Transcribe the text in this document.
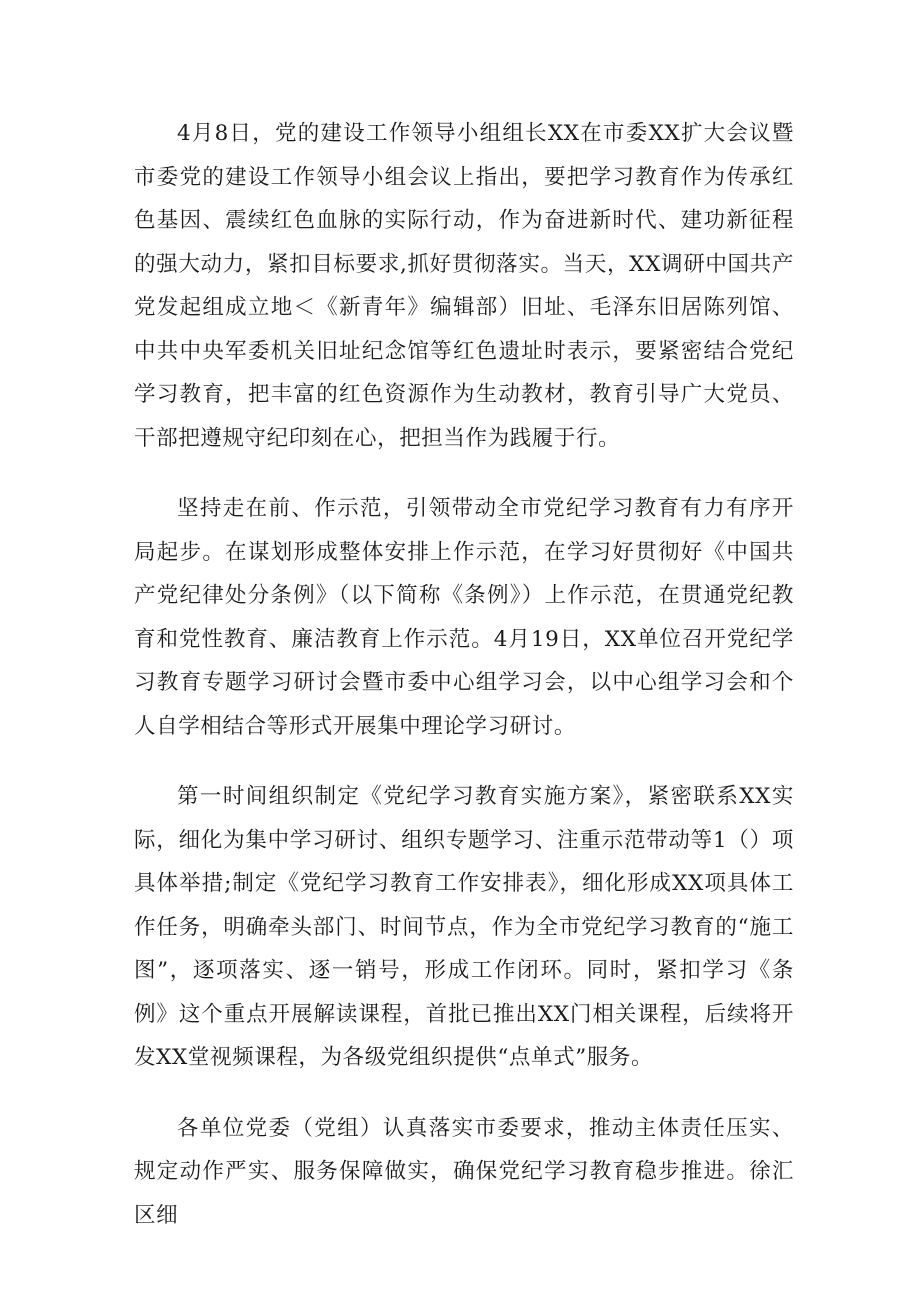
4月8日，党的建设工作领导小组组长XX在市委XX扩大会议暨市委党的建设工作领导小组会议上指出，要把学习教育作为传承红色基因、震续红色血脉的实际行动，作为奋进新时代、建功新征程的强大动力，紧扣目标要求,抓好贯彻落实。当天，XX调研中国共产党发起组成立地＜《新青年》编辑部）旧址、毛泽东旧居陈列馆、中共中央军委机关旧址纪念馆等红色遗址时表示，要紧密结合党纪学习教育，把丰富的红色资源作为生动教材，教育引导广大党员、干部把遵规守纪印刻在心，把担当作为践履于行。

坚持走在前、作示范，引领带动全市党纪学习教育有力有序开局起步。在谋划形成整体安排上作示范，在学习好贯彻好《中国共产党纪律处分条例》（以下简称《条例》）上作示范，在贯通党纪教育和党性教育、廉洁教育上作示范。4月19日，XX单位召开党纪学习教育专题学习研讨会暨市委中心组学习会，以中心组学习会和个人自学相结合等形式开展集中理论学习研讨。

第一时间组织制定《党纪学习教育实施方案》，紧密联系XX实际，细化为集中学习研讨、组织专题学习、注重示范带动等1（）项具体举措;制定《党纪学习教育工作安排表》，细化形成XX项具体工作任务，明确牵头部门、时间节点，作为全市党纪学习教育的“施工图”，逐项落实、逐一销号，形成工作闭环。同时，紧扣学习《条例》这个重点开展解读课程，首批已推出XX门相关课程，后续将开发XX堂视频课程，为各级党组织提供“点单式”服务。

各单位党委（党组）认真落实市委要求，推动主体责任压实、规定动作严实、服务保障做实，确保党纪学习教育稳步推进。徐汇区细
